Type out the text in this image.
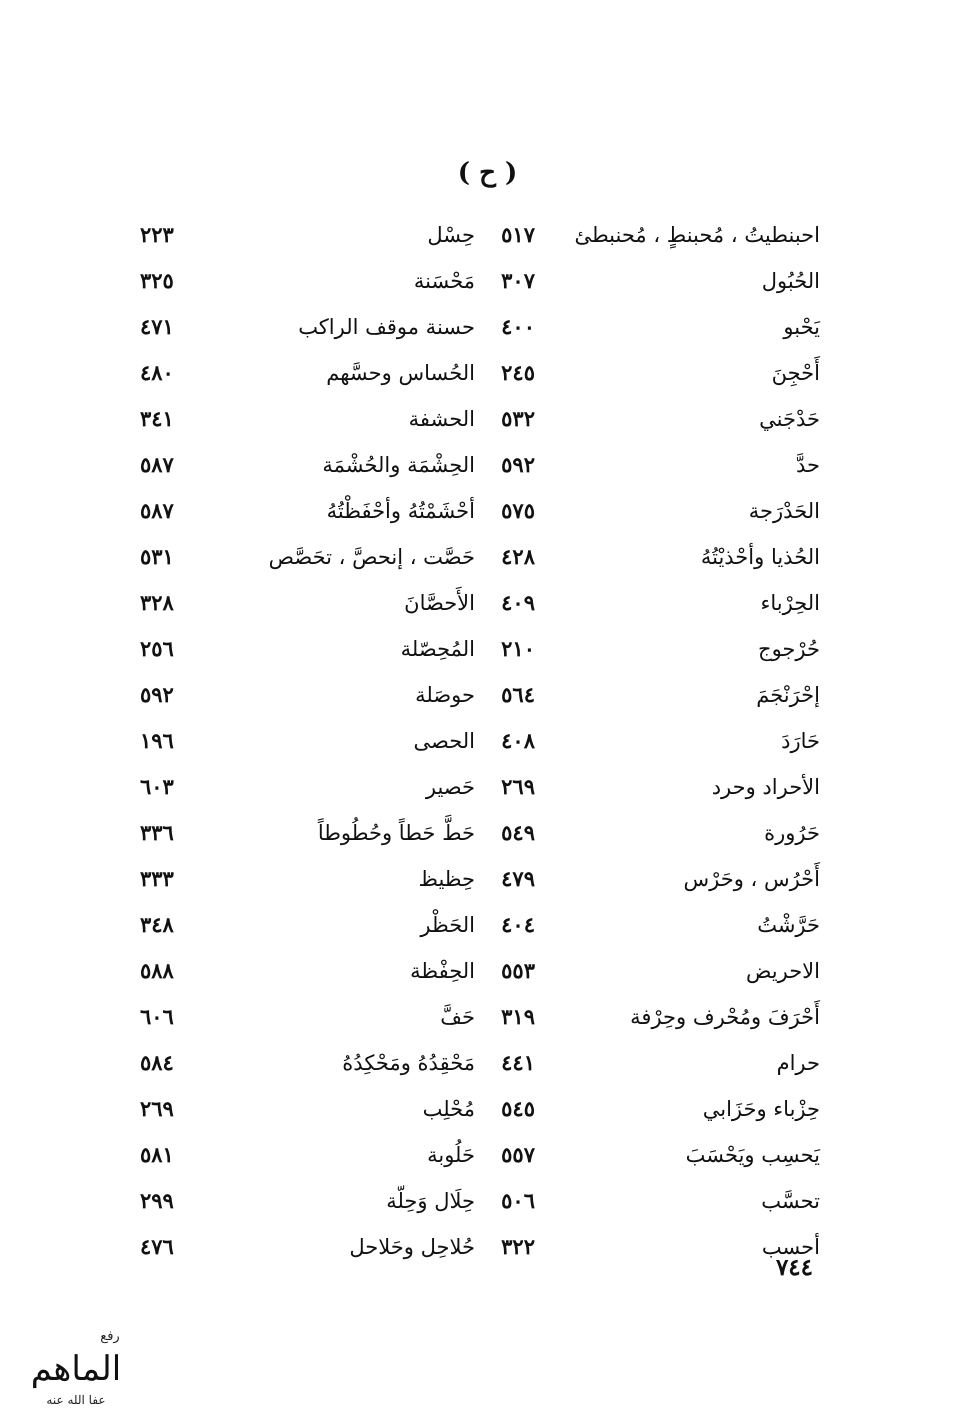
( ح )
احبنطيتُ ، مُحبنطٍ ، مُحنبطئ
٥١٧
حِسْل
٢٢٣
الحُبُول
٣٠٧
مَحْسَنة
٣٢٥
يَحْبو
٤٠٠
حسنة موقف الراكب
٤٧١
أَحْجِنَ
٢٤٥
الحُساس وحسَّهم
٤٨٠
حَدْجَني
٥٣٢
الحشفة
٣٤١
حدَّ
٥٩٢
الحِشْمَة والحُشْمَة
٥٨٧
الحَدْرَجة
٥٧٥
أحْشَمْتُهُ وأحْفَظْتُهُ
٥٨٧
الحُذيا وأحْذيْتُهُ
٤٢٨
حَصَّت ، إنحصَّ ، تحَصَّص
٥٣١
الحِرْباء
٤٠٩
الأَحصَّانَ
٣٢٨
حُرْجوج
٢١٠
المُحِصّلة
٢٥٦
إحْرَنْجَمَ
٥٦٤
حوصَلة
٥٩٢
حَارَدَ
٤٠٨
الحصى
١٩٦
الأحراد وحرد
٢٦٩
حَصير
٦٠٣
حَرُورة
٥٤٩
حَطَّ حَطاً وحُطُوطاً
٣٣٦
أَحْرُس ، وحَرْس
٤٧٩
حِظيظ
٣٣٣
حَرَّشْتُ
٤٠٤
الحَظْر
٣٤٨
الاحريض
٥٥٣
الحِفْظة
٥٨٨
أَحْرَفَ ومُحْرف وحِرْفة
٣١٩
حَفَّ
٦٠٦
حرام
٤٤١
مَحْقِدُهُ ومَحْكِدُهُ
٥٨٤
حِزْباء وحَزَابي
٥٤٥
مُحْلِب
٢٦٩
يَحسِب ويَحْسَبَ
٥٥٧
حَلُوبة
٥٨١
تحسَّب
٥٠٦
حِلَال وَحِلّة
٢٩٩
أحسب
٣٢٢
حُلاحِل وحَلاحل
٤٧٦
٧٤٤
رفع
الماهم
عفا الله عنه
